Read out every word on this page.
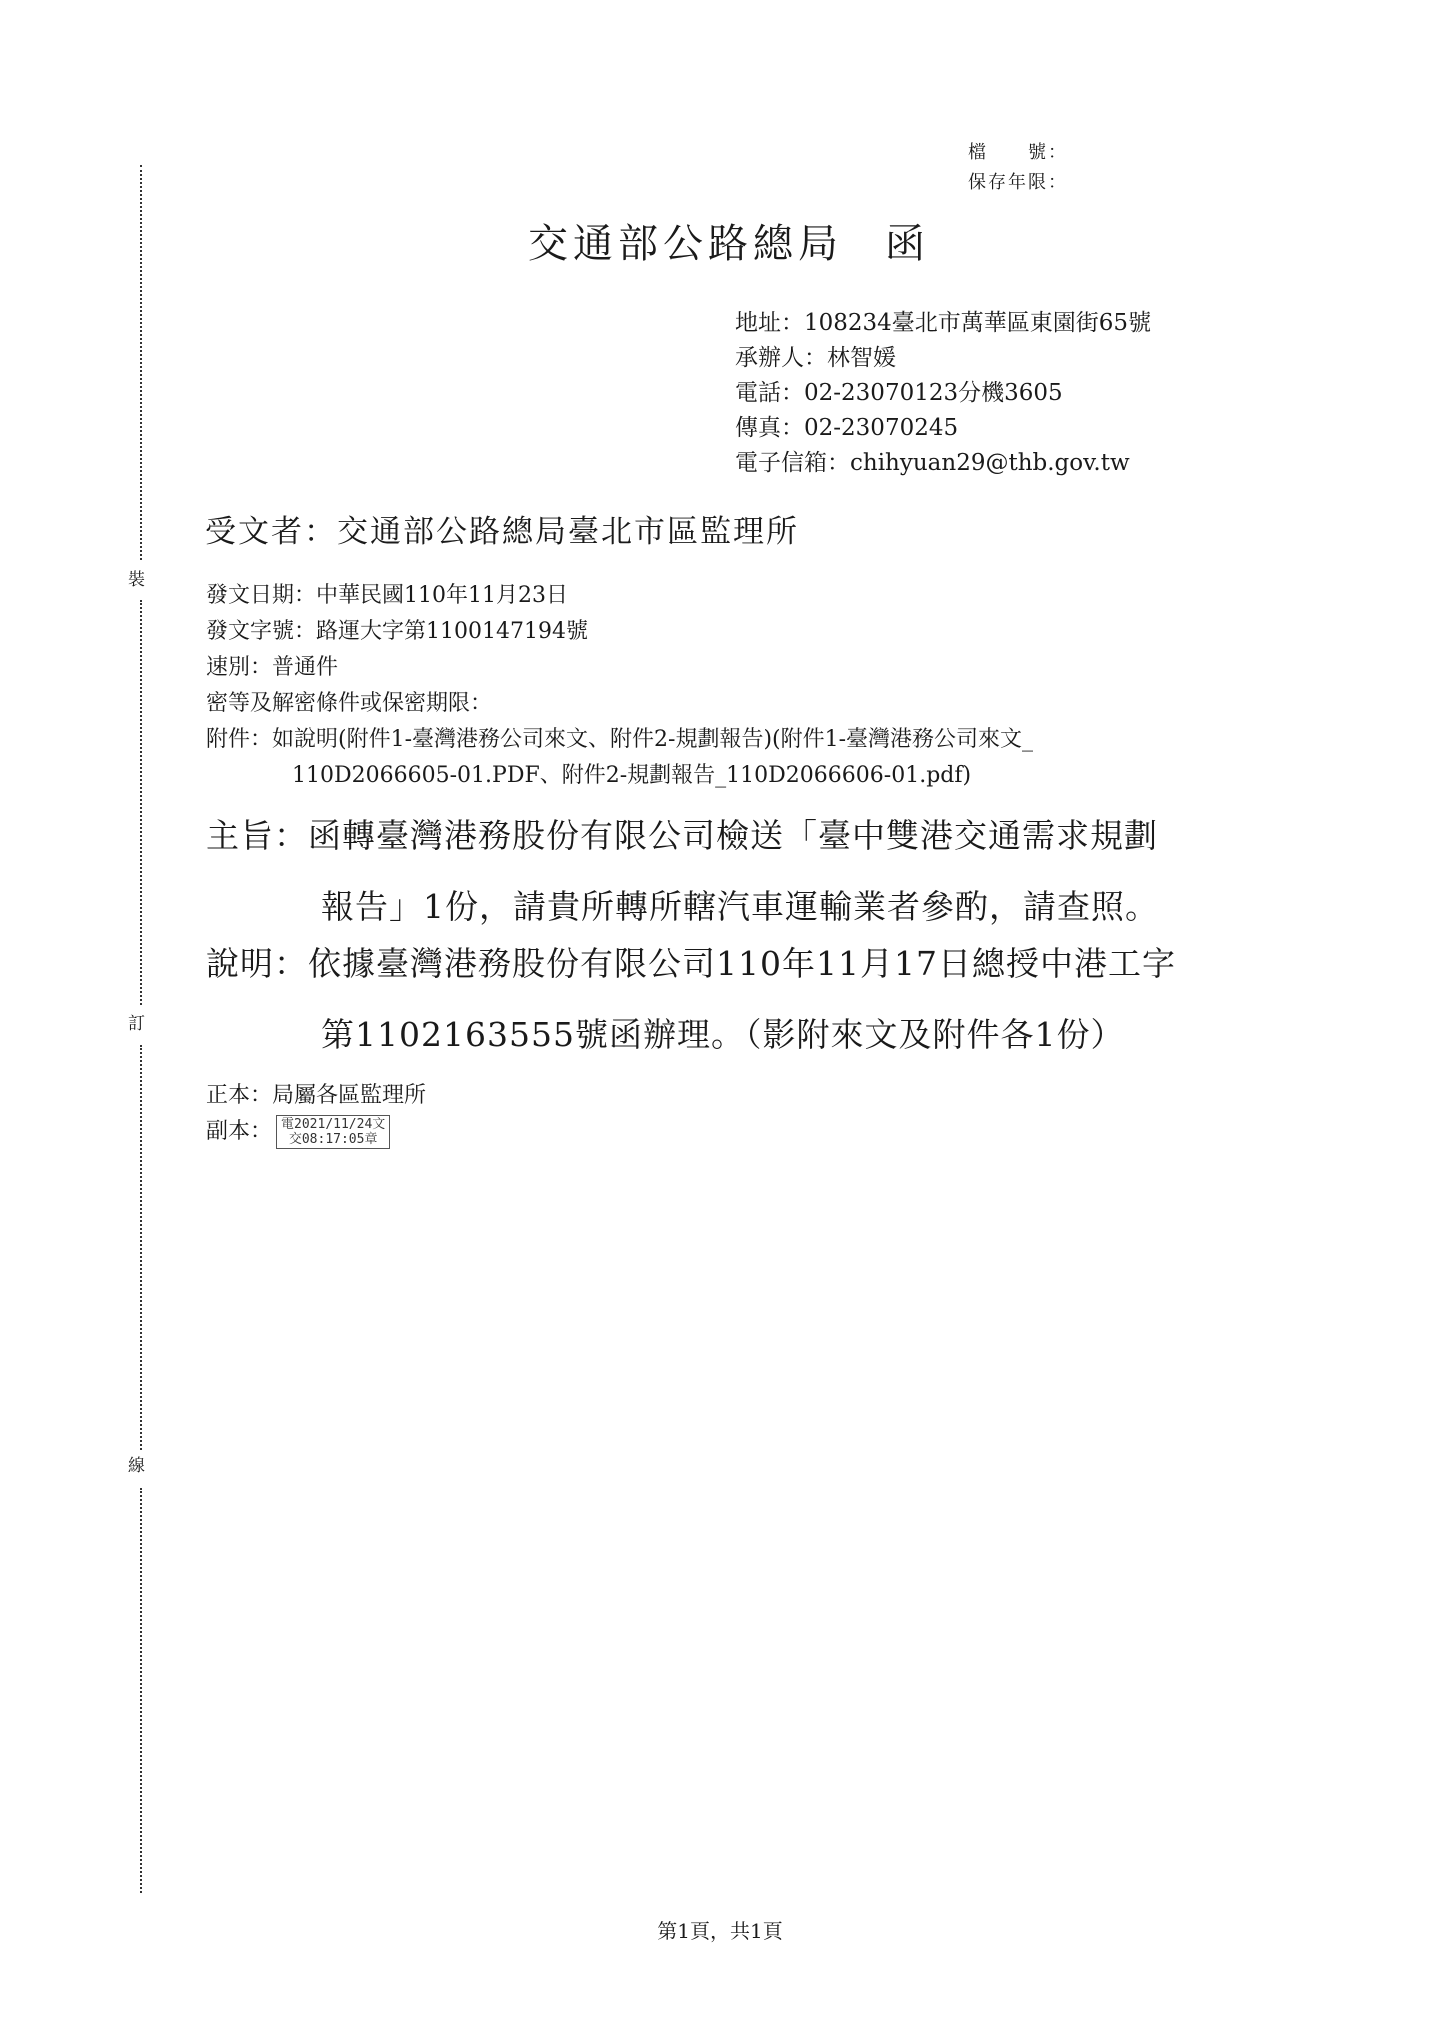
裝
訂
線
檔　　號：
保存年限：
交通部公路總局 函
地址：108234臺北市萬華區東園街65號
承辦人：林智媛
電話：02-23070123分機3605
傳真：02-23070245
電子信箱：chihyuan29@thb.gov.tw
受文者：交通部公路總局臺北市區監理所
發文日期：中華民國110年11月23日
發文字號：路運大字第1100147194號
速別：普通件
密等及解密條件或保密期限：
附件：如說明(附件1-臺灣港務公司來文、附件2-規劃報告)(附件1-臺灣港務公司來文_
110D2066605-01.PDF、附件2-規劃報告_110D2066606-01.pdf)
主旨：函轉臺灣港務股份有限公司檢送「臺中雙港交通需求規劃
報告」1份，請貴所轉所轄汽車運輸業者參酌，請查照。
說明：依據臺灣港務股份有限公司110年11月17日總授中港工字
第1102163555號函辦理。（影附來文及附件各1份）
正本：局屬各區監理所
副本： 電2021/11/24文
交08:17:05章
第1頁，共1頁
